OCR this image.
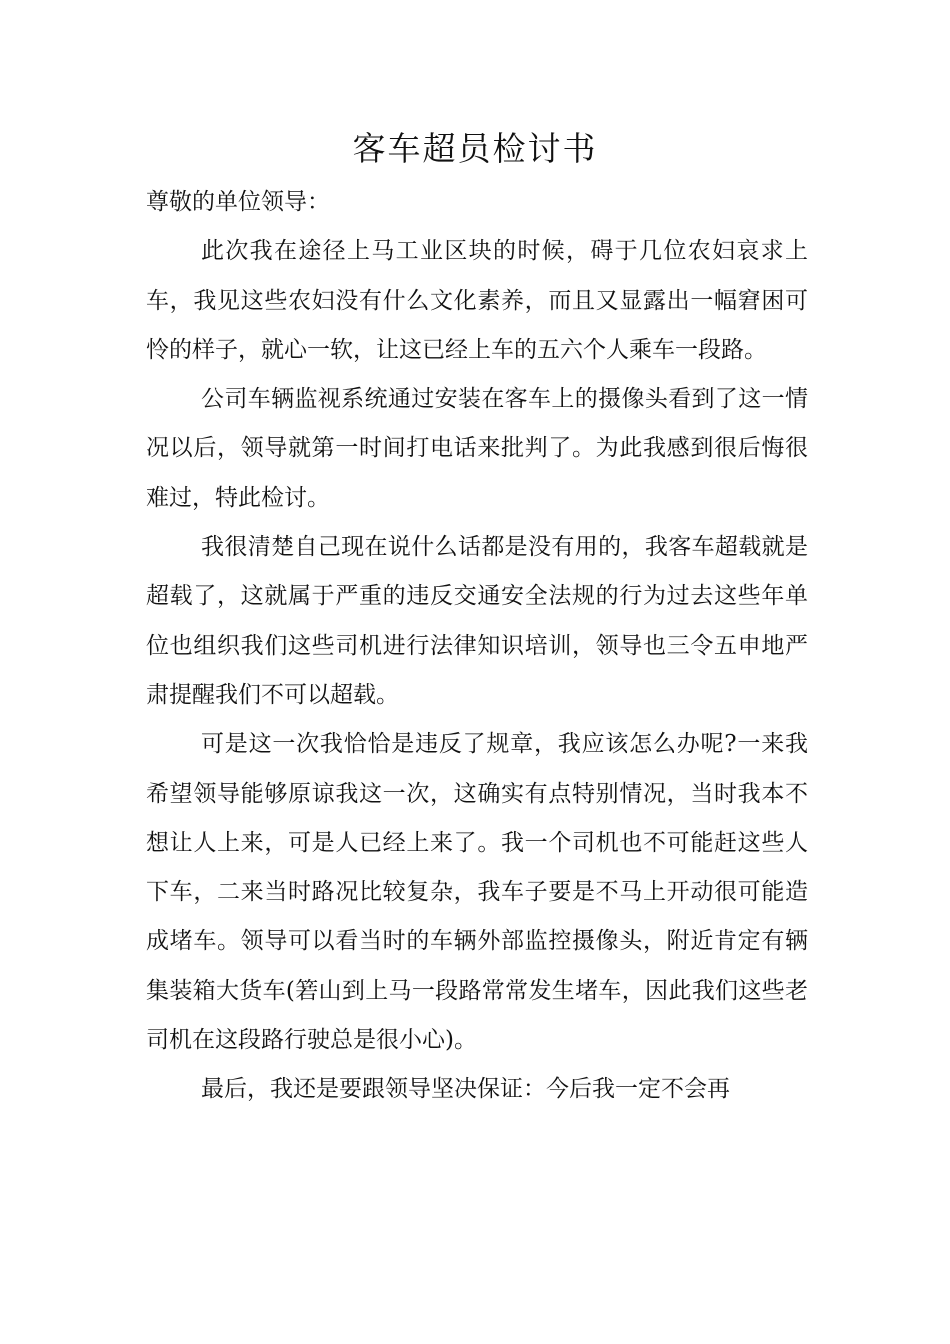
客车超员检讨书

尊敬的单位领导：

此次我在途径上马工业区块的时候，碍于几位农妇哀求上车，我见这些农妇没有什么文化素养，而且又显露出一幅窘困可怜的样子，就心一软，让这已经上车的五六个人乘车一段路。

公司车辆监视系统通过安装在客车上的摄像头看到了这一情况以后，领导就第一时间打电话来批判了。为此我感到很后悔很难过，特此检讨。

我很清楚自己现在说什么话都是没有用的，我客车超载就是超载了，这就属于严重的违反交通安全法规的行为过去这些年单位也组织我们这些司机进行法律知识培训，领导也三令五申地严肃提醒我们不可以超载。

可是这一次我恰恰是违反了规章，我应该怎么办呢?一来我希望领导能够原谅我这一次，这确实有点特别情况，当时我本不想让人上来，可是人已经上来了。我一个司机也不可能赶这些人下车，二来当时路况比较复杂，我车子要是不马上开动很可能造成堵车。领导可以看当时的车辆外部监控摄像头，附近肯定有辆集装箱大货车(箬山到上马一段路常常发生堵车，因此我们这些老司机在这段路行驶总是很小心)。

最后，我还是要跟领导坚决保证：今后我一定不会再
